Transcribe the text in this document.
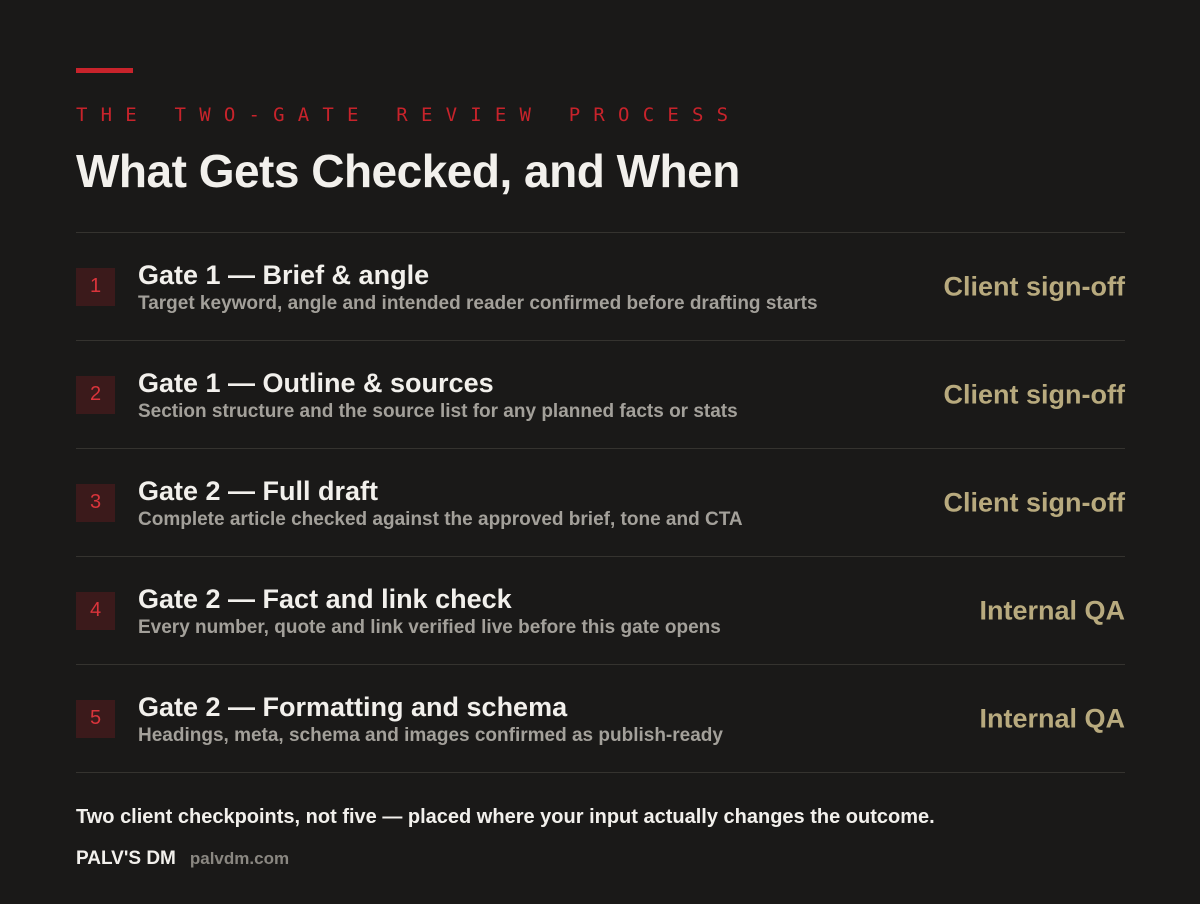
THE TWO-GATE REVIEW PROCESS
What Gets Checked, and When
1	Gate 1 — Brief & angle
Target keyword, angle and intended reader confirmed before drafting starts
Client sign-off
2	Gate 1 — Outline & sources
Section structure and the source list for any planned facts or stats
Client sign-off
3	Gate 2 — Full draft
Complete article checked against the approved brief, tone and CTA
Client sign-off
4	Gate 2 — Fact and link check
Every number, quote and link verified live before this gate opens
Internal QA
5	Gate 2 — Formatting and schema
Headings, meta, schema and images confirmed as publish-ready
Internal QA

Two client checkpoints, not five — placed where your input actually changes the outcome.

PALV'S DM palvdm.com
